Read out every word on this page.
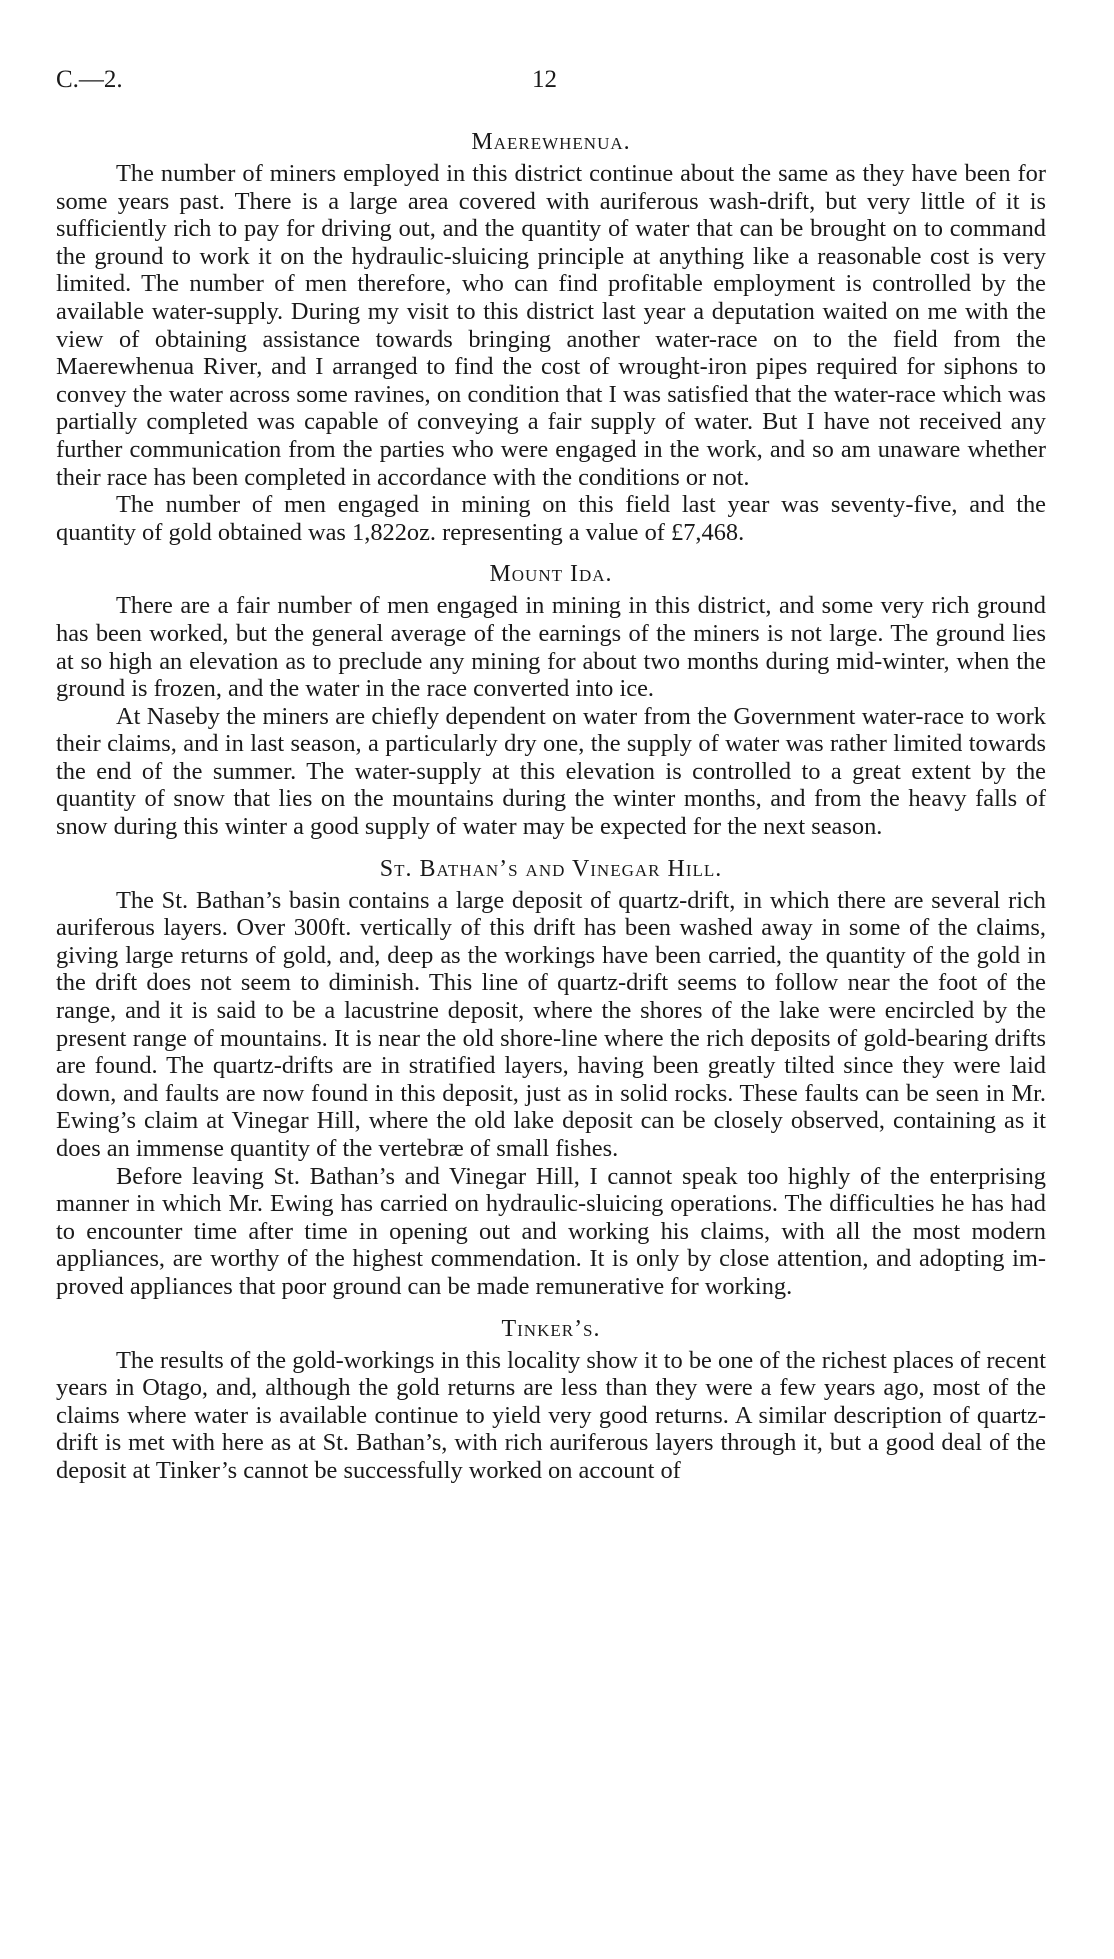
C.—2.	12
Maerewhenua.

The number of miners employed in this district continue about the same as they have been for some years past. There is a large area covered with auriferous wash-drift, but very little of it is sufficiently rich to pay for driving out, and the quantity of water that can be brought on to command the ground to work it on the hydraulic-sluicing principle at anything like a reasonable cost is very limited. The number of men therefore, who can find profitable employment is controlled by the available water-supply. During my visit to this district last year a deputation waited on me with the view of obtaining assistance towards bringing another water-race on to the field from the Maerewhenua River, and I arranged to find the cost of wrought-iron pipes required for siphons to convey the water across some ravines, on condition that I was satisfied that the water-race which was partially completed was capable of conveying a fair supply of water. But I have not received any further communication from the parties who were engaged in the work, and so am unaware whether their race has been completed in accordance with the conditions or not.

The number of men engaged in mining on this field last year was seventy-five, and the quantity of gold obtained was 1,822oz. representing a value of £7,468.

Mount Ida.

There are a fair number of men engaged in mining in this district, and some very rich ground has been worked, but the general average of the earnings of the miners is not large. The ground lies at so high an elevation as to preclude any mining for about two months during mid-winter, when the ground is frozen, and the water in the race converted into ice.

At Naseby the miners are chiefly dependent on water from the Government water-race to work their claims, and in last season, a particularly dry one, the supply of water was rather limited towards the end of the summer. The water-supply at this elevation is controlled to a great extent by the quantity of snow that lies on the mountains during the winter months, and from the heavy falls of snow during this winter a good supply of water may be expected for the next season.

St. Bathan’s and Vinegar Hill.

The St. Bathan’s basin contains a large deposit of quartz-drift, in which there are several rich auriferous layers. Over 300ft. vertically of this drift has been washed away in some of the claims, giving large returns of gold, and, deep as the workings have been carried, the quantity of the gold in the drift does not seem to diminish. This line of quartz-drift seems to follow near the foot of the range, and it is said to be a lacustrine deposit, where the shores of the lake were encircled by the present range of mountains. It is near the old shore-line where the rich deposits of gold-bearing drifts are found. The quartz-drifts are in stratified layers, having been greatly tilted since they were laid down, and faults are now found in this deposit, just as in solid rocks. These faults can be seen in Mr. Ewing’s claim at Vinegar Hill, where the old lake deposit can be closely observed, containing as it does an immense quantity of the vertebræ of small fishes.

Before leaving St. Bathan’s and Vinegar Hill, I cannot speak too highly of the enterprising manner in which Mr. Ewing has carried on hydraulic-sluicing operations. The difficulties he has had to encounter time after time in opening out and working his claims, with all the most modern appliances, are worthy of the highest commendation. It is only by close attention, and adopting improved appliances that poor ground can be made remunerative for working.

Tinker’s.

The results of the gold-workings in this locality show it to be one of the richest places of recent years in Otago, and, although the gold returns are less than they were a few years ago, most of the claims where water is available continue to yield very good returns. A similar description of quartz-drift is met with here as at St. Bathan’s, with rich auriferous layers through it, but a good deal of the deposit at Tinker’s cannot be successfully worked on account of
